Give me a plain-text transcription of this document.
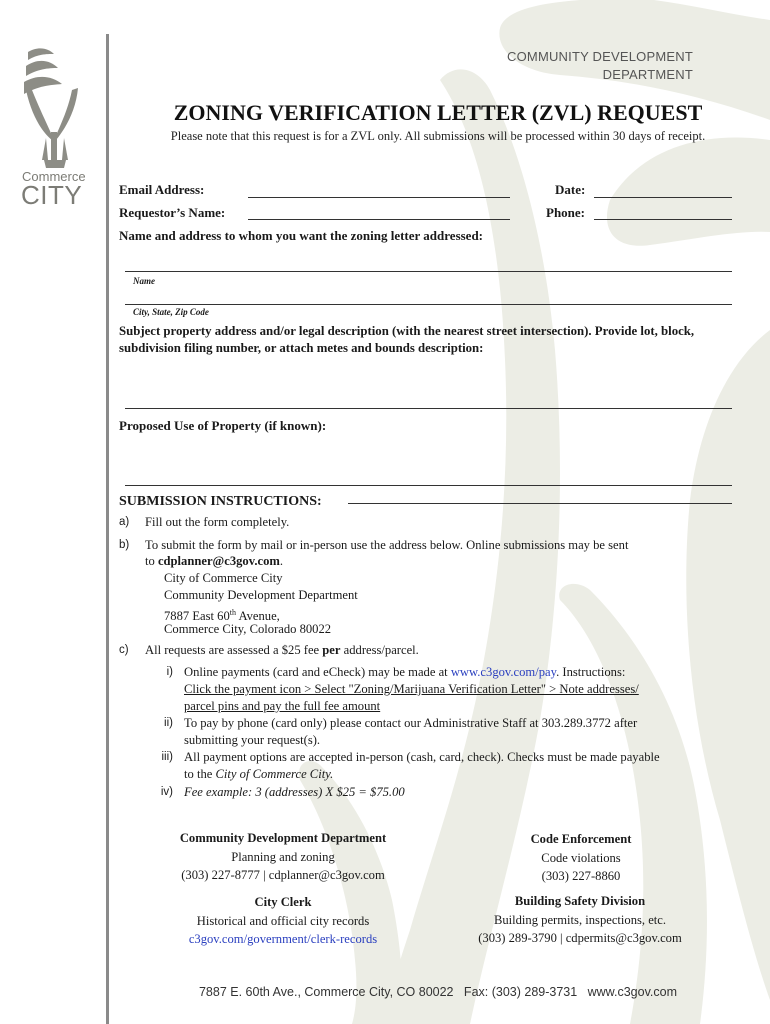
Commerce
CITY
COMMUNITY DEVELOPMENT
DEPARTMENT
ZONING VERIFICATION LETTER (ZVL) REQUEST
Please note that this request is for a ZVL only. All submissions will be processed within 30 days of receipt.
Email Address:	Date:
Requestor’s Name:	Phone:
Name and address to whom you want the zoning letter addressed:
Name
City, State, Zip Code
Subject property address and/or legal description (with the nearest street intersection). Provide lot, block, subdivision filing number, or attach metes and bounds description:
Proposed Use of Property (if known):
SUBMISSION INSTRUCTIONS:
a) Fill out the form completely.
b) To submit the form by mail or in-person use the address below. Online submissions may be sent
to cdplanner@c3gov.com.
City of Commerce City
Community Development Department
7887 East 60th Avenue,
Commerce City, Colorado 80022
c) All requests are assessed a $25 fee per address/parcel.
i) Online payments (card and eCheck) may be made at www.c3gov.com/pay. Instructions:
Click the payment icon > Select "Zoning/Marijuana Verification Letter" > Note addresses/
parcel pins and pay the full fee amount
ii) To pay by phone (card only) please contact our Administrative Staff at 303.289.3772 after
submitting your request(s).
iii) All payment options are accepted in-person (cash, card, check). Checks must be made payable
to the City of Commerce City.
iv) Fee example: 3 (addresses) X $25 = $75.00
Community Development Department
Planning and zoning
(303) 227-8777 | cdplanner@c3gov.com
Code Enforcement
Code violations
(303) 227-8860
City Clerk
Historical and official city records
c3gov.com/government/clerk-records
Building Safety Division
Building permits, inspections, etc.
(303) 289-3790 | cdpermits@c3gov.com
7887 E. 60th Ave., Commerce City, CO 80022   Fax: (303) 289-3731   www.c3gov.com
